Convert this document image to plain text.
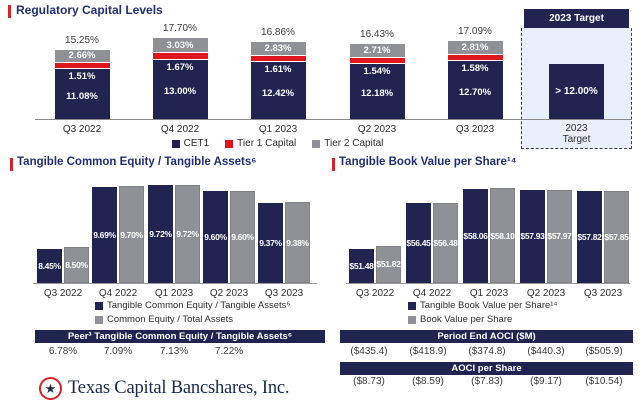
Regulatory Capital Levels
2.66%
1.51%
11.08%
15.25%
Q3 2022
3.03%
1.67%
13.00%
17.70%
Q4 2022
2.83%
1.61%
12.42%
16.86%
Q1 2023
2.71%
1.54%
12.18%
16.43%
Q2 2023
2.81%
1.58%
12.70%
17.09%
Q3 2023
2023 Target
> 12.00%
2023
Target
CET1	Tier 1 Capital	Tier 2 Capital
Tangible Common Equity / Tangible Assets⁶
8.45% 8.50%
Q3 2022
9.69% 9.70%
Q4 2022
9.72% 9.72%
Q1 2023
9.60% 9.60%
Q2 2023
9.37% 9.38%
Q3 2023
Tangible Common Equity / Tangible Assets⁶
Common Equity / Total Assets
Peer³ Tangible Common Equity / Tangible Assets⁶
6.78%	7.09%	7.13%	7.22%
Tangible Book Value per Share¹⁴
$51.48 $51.82
Q3 2022
$56.45 $56.48
Q4 2022
$58.06 $58.10
Q1 2023
$57.93 $57.97
Q2 2023
$57.82 $57.85
Q3 2023
Tangible Book Value per Share¹⁴
Book Value per Share
Period End AOCI ($M)
($435.4)	($418.9)	($374.8)	($440.3)	($505.9)
AOCI per Share
($8.73)	($8.59)	($7.83)	($9.17)	($10.54)
★ Texas Capital Bancshares, Inc.
